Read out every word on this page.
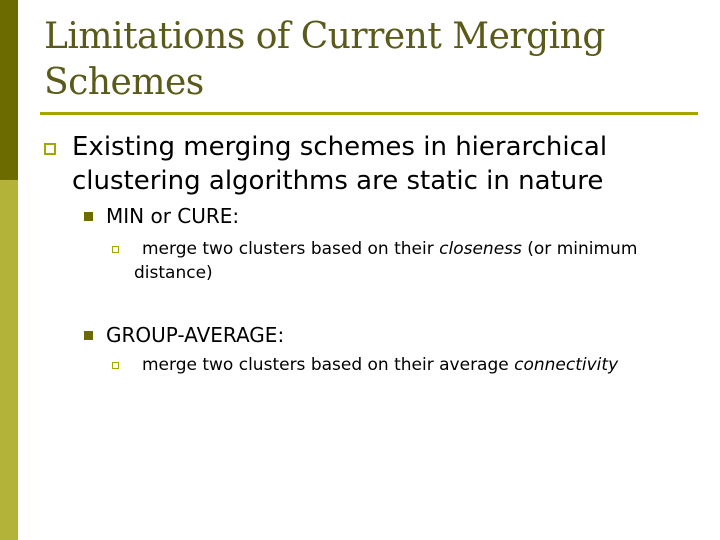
Limitations of Current Merging Schemes
Existing merging schemes in hierarchical clustering algorithms are static in nature
MIN or CURE:
merge two clusters based on their closeness (or minimum distance)
GROUP-AVERAGE:
merge two clusters based on their average connectivity
